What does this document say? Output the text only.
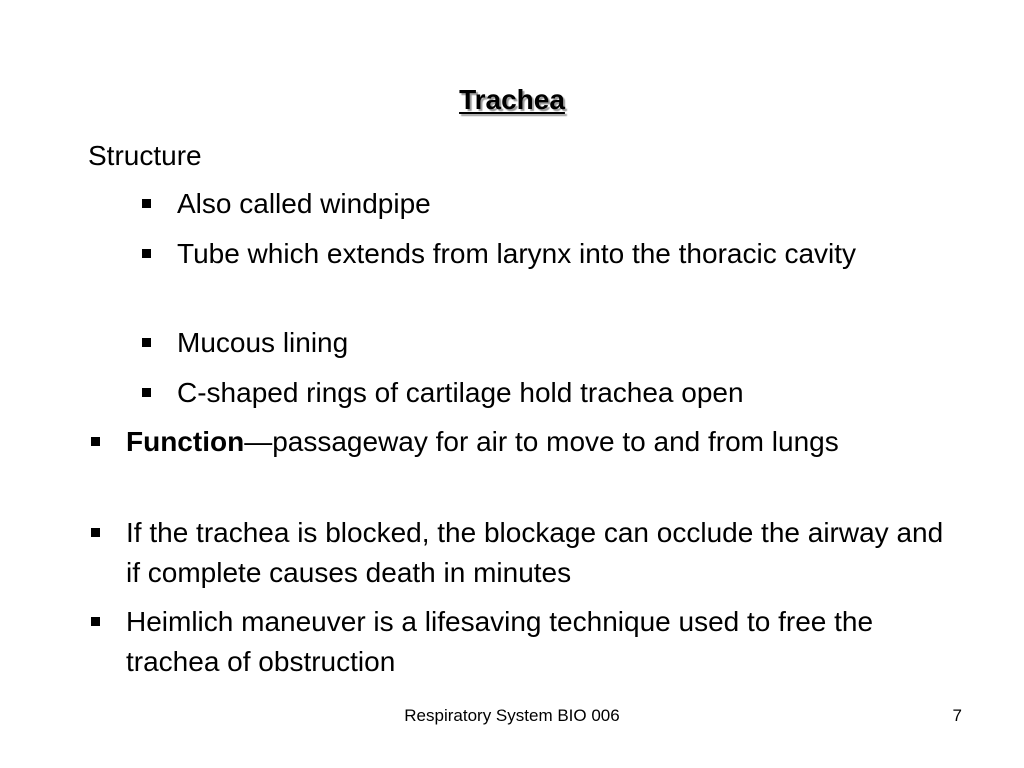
Trachea
Structure
Also called windpipe
Tube which extends from larynx into the thoracic cavity
Mucous lining
C-shaped rings of cartilage hold trachea open
Function—passageway for air to move to and from lungs
If the trachea is blocked, the blockage can occlude the airway and if complete causes death in minutes
Heimlich maneuver is a lifesaving technique used to free the trachea of obstruction
Respiratory System BIO 006	7
